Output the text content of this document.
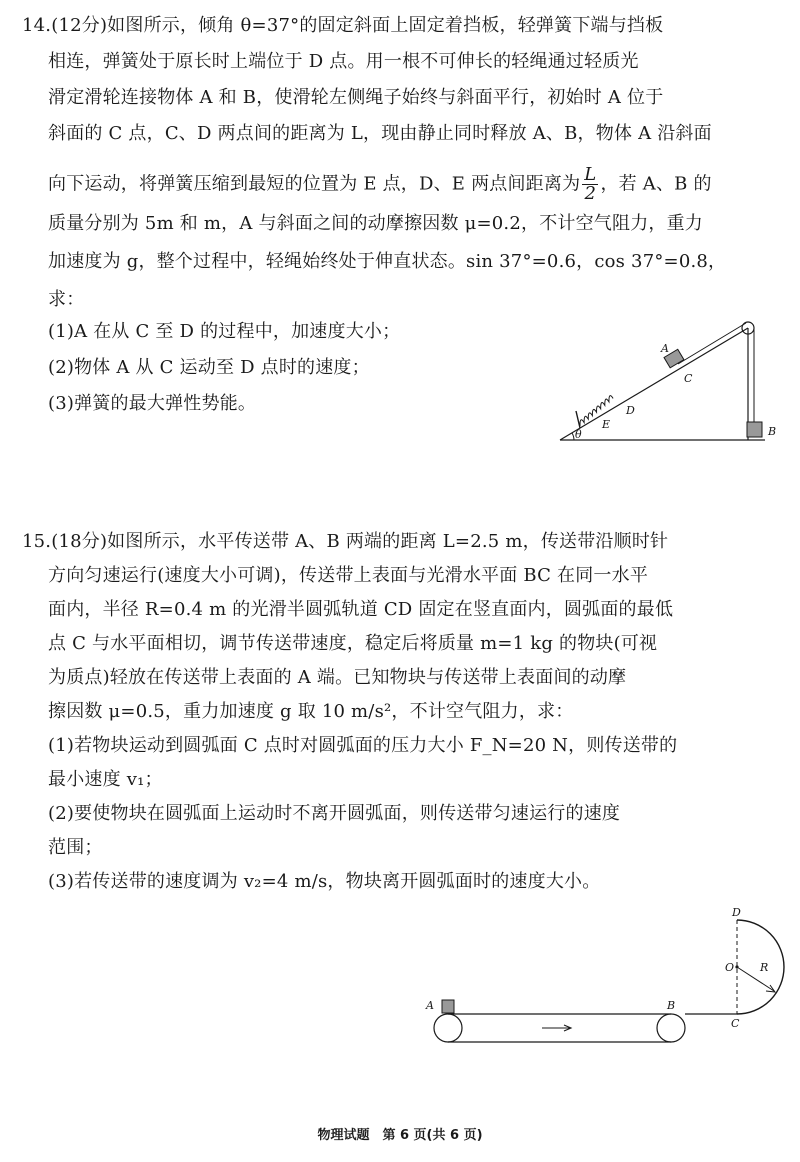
14.(12分)如图所示，倾角 θ=37°的固定斜面上固定着挡板，轻弹簧下端与挡板
相连，弹簧处于原长时上端位于 D 点。用一根不可伸长的轻绳通过轻质光
滑定滑轮连接物体 A 和 B，使滑轮左侧绳子始终与斜面平行，初始时 A 位于
斜面的 C 点，C、D 两点间的距离为 L，现由静止同时释放 A、B，物体 A 沿斜面
向下运动，将弹簧压缩到最短的位置为 E 点，D、E 两点间距离为 $\frac{L}{2}$ ，若 A、B 的
质量分别为 5m 和 m，A 与斜面之间的动摩擦因数 μ=0.2，不计空气阻力，重力
加速度为 g，整个过程中，轻绳始终处于伸直状态。sin 37°=0.6，cos 37°=0.8，
求：
(1)A 在从 C 至 D 的过程中，加速度大小；
(2)物体 A 从 C 运动至 D 点时的速度；
(3)弹簧的最大弹性势能。
θ
E
D
C
A
B
15.(18分)如图所示，水平传送带 A、B 两端的距离 L=2.5 m，传送带沿顺时针
方向匀速运行(速度大小可调)，传送带上表面与光滑水平面 BC 在同一水平
面内，半径 R=0.4 m 的光滑半圆弧轨道 CD 固定在竖直面内，圆弧面的最低
点 C 与水平面相切，调节传送带速度，稳定后将质量 m=1 kg 的物块(可视
为质点)轻放在传送带上表面的 A 端。已知物块与传送带上表面间的动摩
擦因数 μ=0.5，重力加速度 g 取 10 m/s²，不计空气阻力，求：
(1)若物块运动到圆弧面 C 点时对圆弧面的压力大小 F_N=20 N，则传送带的
最小速度 v₁；
(2)要使物块在圆弧面上运动时不离开圆弧面，则传送带匀速运行的速度
范围；
(3)若传送带的速度调为 v₂=4 m/s，物块离开圆弧面时的速度大小。
A	B
C
O R
D
物理试题　第 6 页(共 6 页)
